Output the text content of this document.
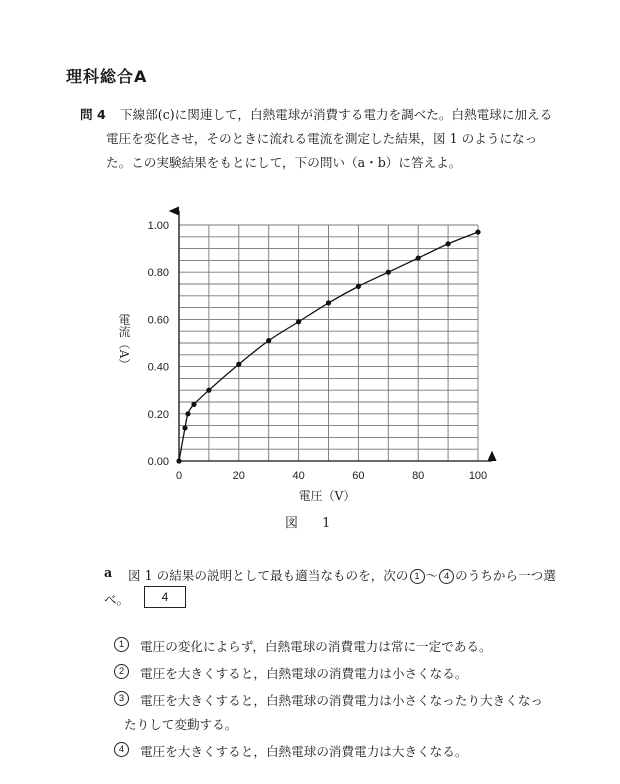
理科総合A
問 4 下線部(c)に関連して，白熱電球が消費する電力を調べた。白熱電球に加える
電圧を変化させ，そのときに流れる電流を測定した結果，図 1 のようになっ
た。この実験結果をもとにして，下の問い（a・b）に答えよ。
0	20	40	60	80	100
0.00
0.20
0.40
0.60
0.80
1.00
電圧（V）
電流（A）
図 1
a 図 1 の結果の説明として最も適当なものを，次の 1 ～ 4 のうちから一つ選
べ。	4
1	電圧の変化によらず，白熱電球の消費電力は常に一定である。
2	電圧を大きくすると，白熱電球の消費電力は小さくなる。
3	電圧を大きくすると，白熱電球の消費電力は小さくなったり大きくなっ
たりして変動する。
4	電圧を大きくすると，白熱電球の消費電力は大きくなる。
